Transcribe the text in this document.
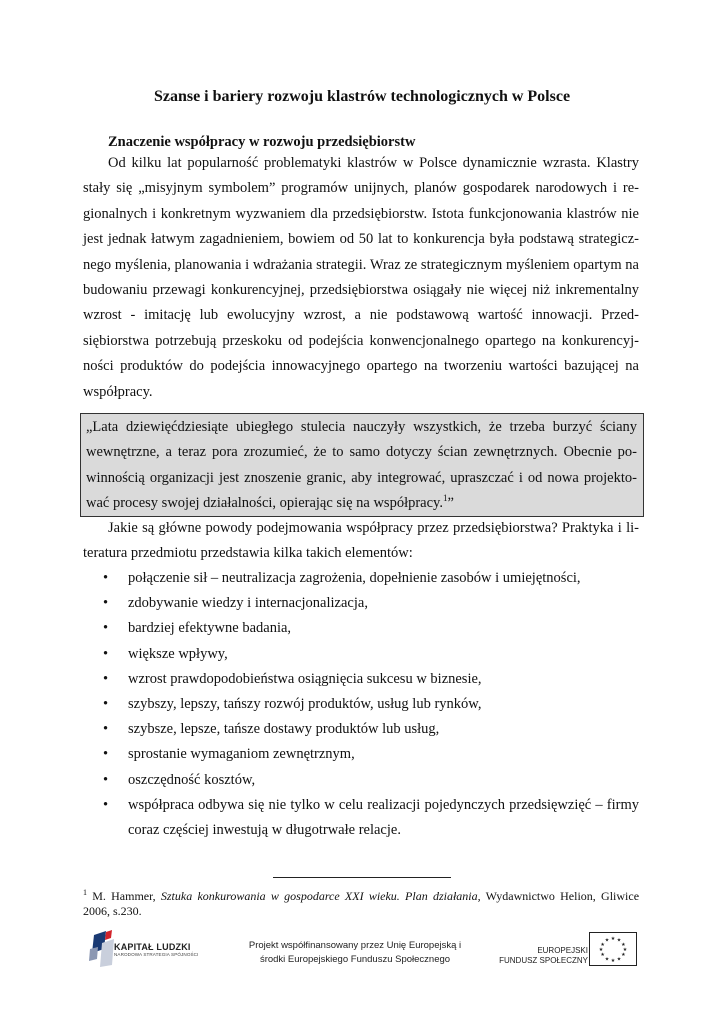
Szanse i bariery rozwoju klastrów technologicznych w Polsce
Znaczenie współpracy w rozwoju przedsiębiorstw

Od kilku lat popularność problematyki klastrów w Polsce dynamicznie wzrasta. Klastry stały się „misyjnym symbolem” programów unijnych, planów gospodarek narodowych i regionalnych i konkretnym wyzwaniem dla przedsiębiorstw. Istota funkcjonowania klastrów nie jest jednak łatwym zagadnieniem, bowiem od 50 lat to konkurencja była podstawą strategicznego myślenia, planowania i wdrażania strategii. Wraz ze strategicznym myśleniem opartym na budowaniu przewagi konkurencyjnej, przedsiębiorstwa osiągały nie więcej niż inkrementalny wzrost - imitację lub ewolucyjny wzrost, a nie podstawową wartość innowacji. Przedsiębiorstwa potrzebują przeskoku od podejścia konwencjonalnego opartego na konkurencyjności produktów do podejścia innowacyjnego opartego na tworzeniu wartości bazującej na współpracy.

„Lata dziewięćdziesiąte ubiegłego stulecia nauczyły wszystkich, że trzeba burzyć ściany wewnętrzne, a teraz pora zrozumieć, że to samo dotyczy ścian zewnętrznych. Obecnie powinnością organizacji jest znoszenie granic, aby integrować, upraszczać i od nowa projektować procesy swojej działalności, opierając się na współpracy.$^1$”

Jakie są główne powody podejmowania współpracy przez przedsiębiorstwa? Praktyka i literatura przedmiotu przedstawia kilka takich elementów:

• połączenie sił – neutralizacja zagrożenia, dopełnienie zasobów i umiejętności,
• zdobywanie wiedzy i internacjonalizacja,
• bardziej efektywne badania,
• większe wpływy,
• wzrost prawdopodobieństwa osiągnięcia sukcesu w biznesie,
• szybszy, lepszy, tańszy rozwój produktów, usług lub rynków,
• szybsze, lepsze, tańsze dostawy produktów lub usług,
• sprostanie wymaganiom zewnętrznym,
• oszczędność kosztów,
• współpraca odbywa się nie tylko w celu realizacji pojedynczych przedsięwzięć – firmy coraz częściej inwestują w długotrwałe relacje.

$^1$ M. Hammer, Sztuka konkurowania w gospodarce XXI wieku. Plan działania, Wydawnictwo Helion, Gliwice 2006, s.230.

KAPITAŁ LUDZKI
NARODOWA STRATEGIA SPÓJNOŚCI
Projekt współfinansowany przez Unię Europejską i
środki Europejskiego Funduszu Społecznego
EUROPEJSKI
FUNDUSZ SPOŁECZNY
★ ★
★
★
★
★
★
★
★
★
★
★
